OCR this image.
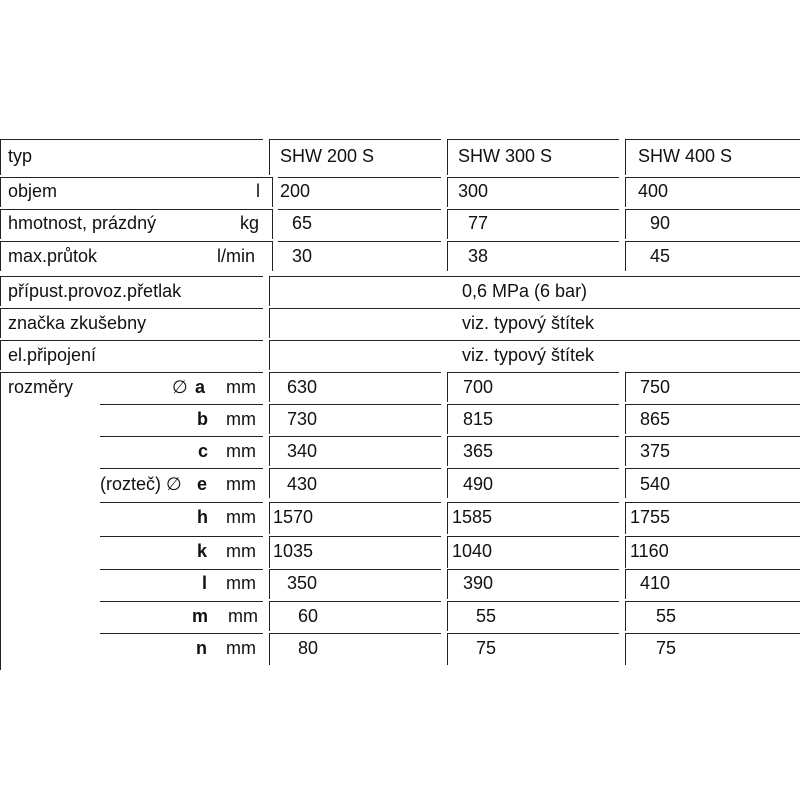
typ	SHW 200 S	SHW 300 S	SHW 400 S
objem	l 200	300	400
hmotnost, prázdný	kg 65	77	90
max.průtok	l/min 30	38	45
přípust.provoz.přetlak	0,6 MPa (6 bar)
značka zkušebny	viz. typový štítek
el.připojení	viz. typový štítek
rozměry	∅ a mm 630	700	750
b mm 730	815	865
c mm 340	365	375
(rozteč) ∅ e mm 430	490	540
h mm 1570	1585	1755
k mm 1035	1040	1160
l mm 350	390	410
m mm 60	55	55
n mm 80	75	75
